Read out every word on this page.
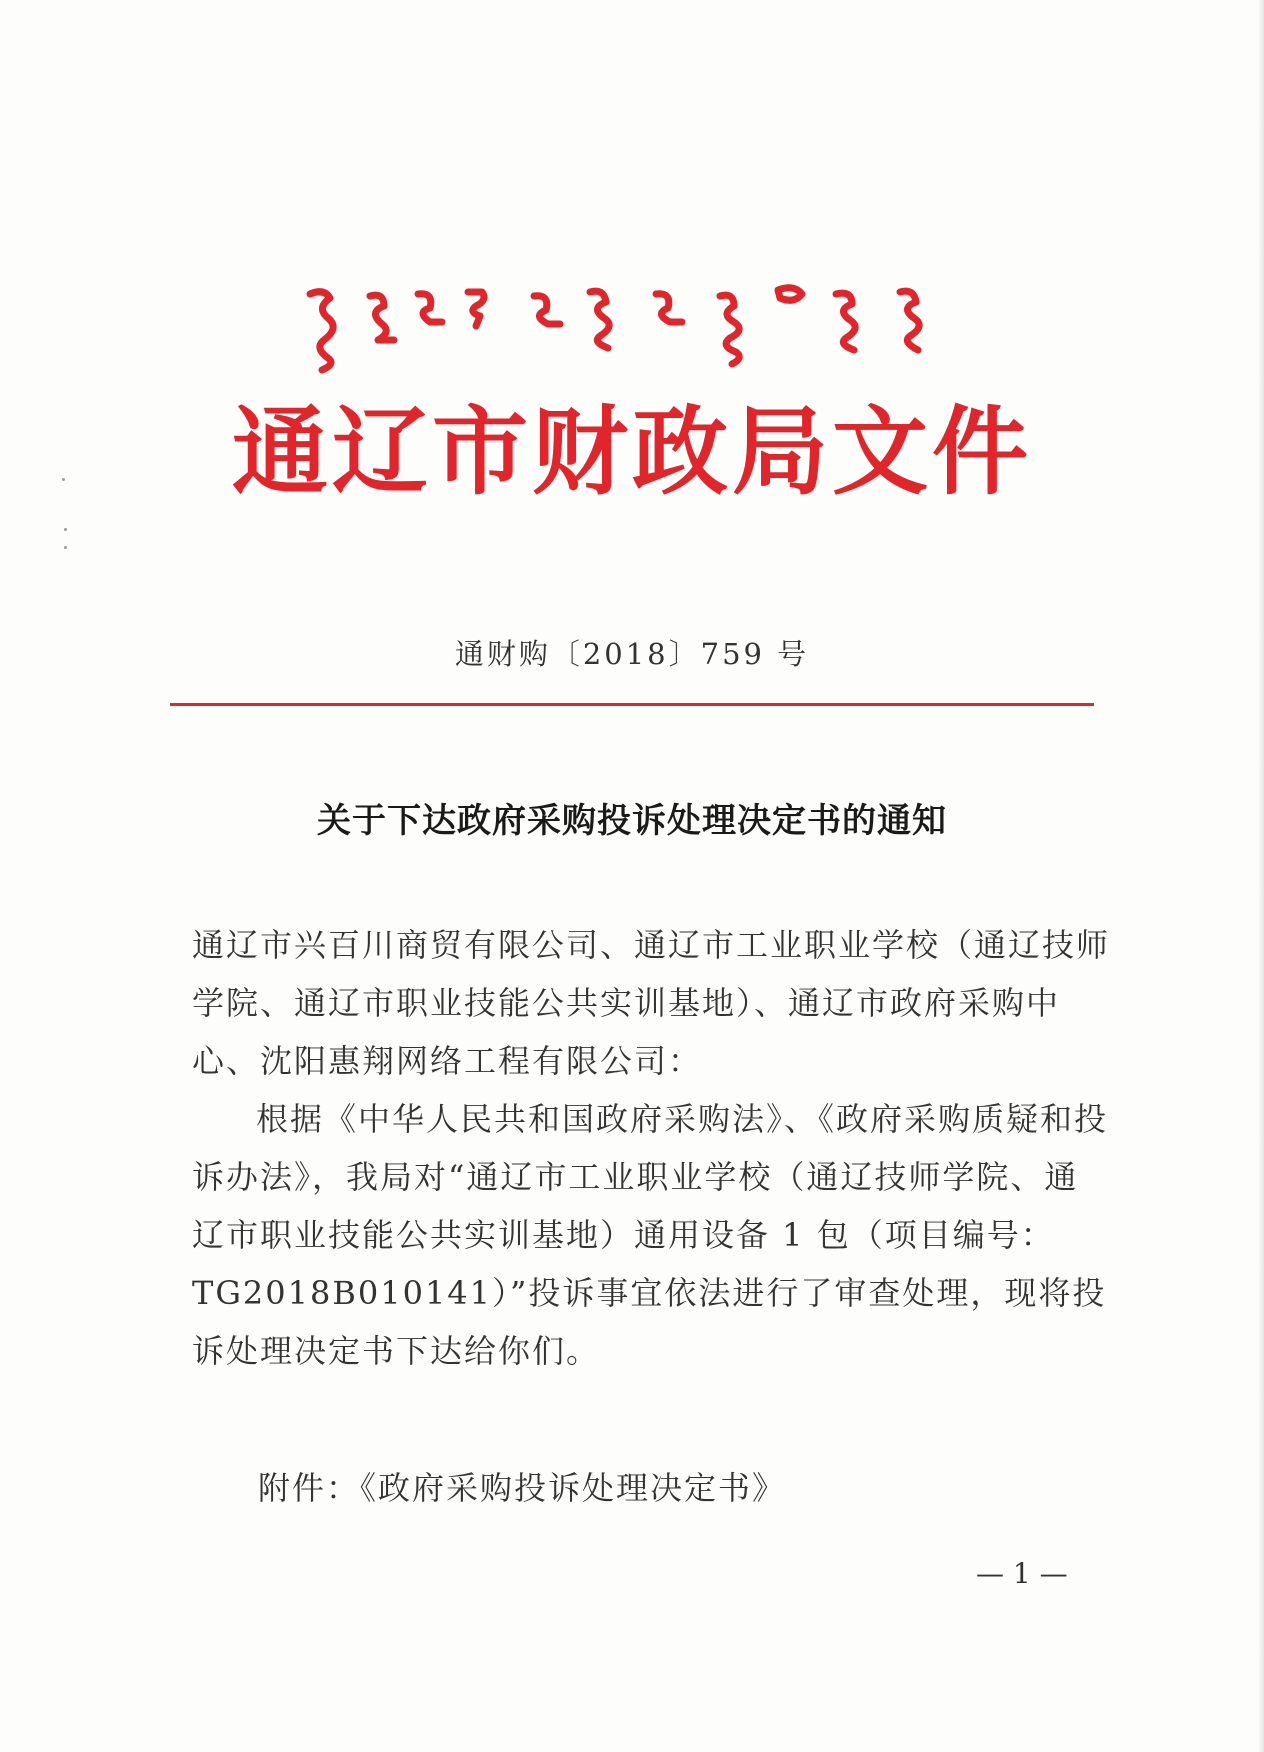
通辽市财政局文件
通财购〔2018〕759 号
关于下达政府采购投诉处理决定书的通知

通辽市兴百川商贸有限公司、通辽市工业职业学校（通辽技师学院、通辽市职业技能公共实训基地）、通辽市政府采购中心、沈阳惠翔网络工程有限公司：

根据《中华人民共和国政府采购法》、《政府采购质疑和投诉办法》，我局对“通辽市工业职业学校（通辽技师学院、通辽市职业技能公共实训基地）通用设备 1 包（项目编号：TG2018B010141）”投诉事宜依法进行了审查处理，现将投诉处理决定书下达给你们。

附件：《政府采购投诉处理决定书》
— 1 —
